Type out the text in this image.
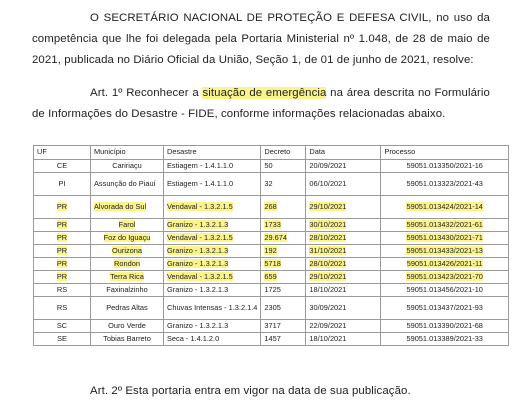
O SECRETÁRIO NACIONAL DE PROTEÇÃO E DEFESA CIVIL, no uso da competência que lhe foi delegada pela Portaria Ministerial nº 1.048, de 28 de maio de 2021, publicada no Diário Oficial da União, Seção 1, de 01 de junho de 2021, resolve:
Art. 1º Reconhecer a situação de emergência na área descrita no Formulário de Informações do Desastre - FIDE, conforme informações relacionadas abaixo.
UF	Município	Desastre	Decreto	Data	Processo
CE	Caririaçu	Estiagem - 1.4.1.1.0	50	20/09/2021	59051.013350/2021-16
PI	Assunção do Piauí	Estiagem - 1.4.1.1.0	32	06/10/2021	59051.013323/2021-43
PR	Alvorada do Sul	Vendaval - 1.3.2.1.5	268	29/10/2021	59051.013424/2021-14
PR	Farol	Granizo - 1.3.2.1.3	1733	30/10/2021	59051.013432/2021-61
PR	Foz do Iguaçu	Vendaval - 1.3.2.1.5	29.674	28/10/2021	59051.013430/2021-71
PR	Ourizona	Granizo - 1.3.2.1.3	192	31/10/2021	59051.013433/2021-13
PR	Rondon	Granizo - 1.3.2.1.3	5718	28/10/2021	59051.013426/2021-11
PR	Terra Rica	Vendaval - 1.3.2.1.5	659	29/10/2021	59051.013423/2021-70
RS	Faxinalzinho	Granizo - 1.3.2.1.3	1725	18/10/2021	59051.013456/2021-10
RS	Pedras Altas	Chuvas Intensas - 1.3.2.1.4	2305	30/09/2021	59051.013437/2021-93
SC	Ouro Verde	Granizo - 1.3.2.1.3	3717	22/09/2021	59051.013390/2021-68
SE	Tobias Barreto	Seca - 1.4.1.2.0	1457	18/10/2021	59051.013389/2021-33
Art. 2º Esta portaria entra em vigor na data de sua publicação.
